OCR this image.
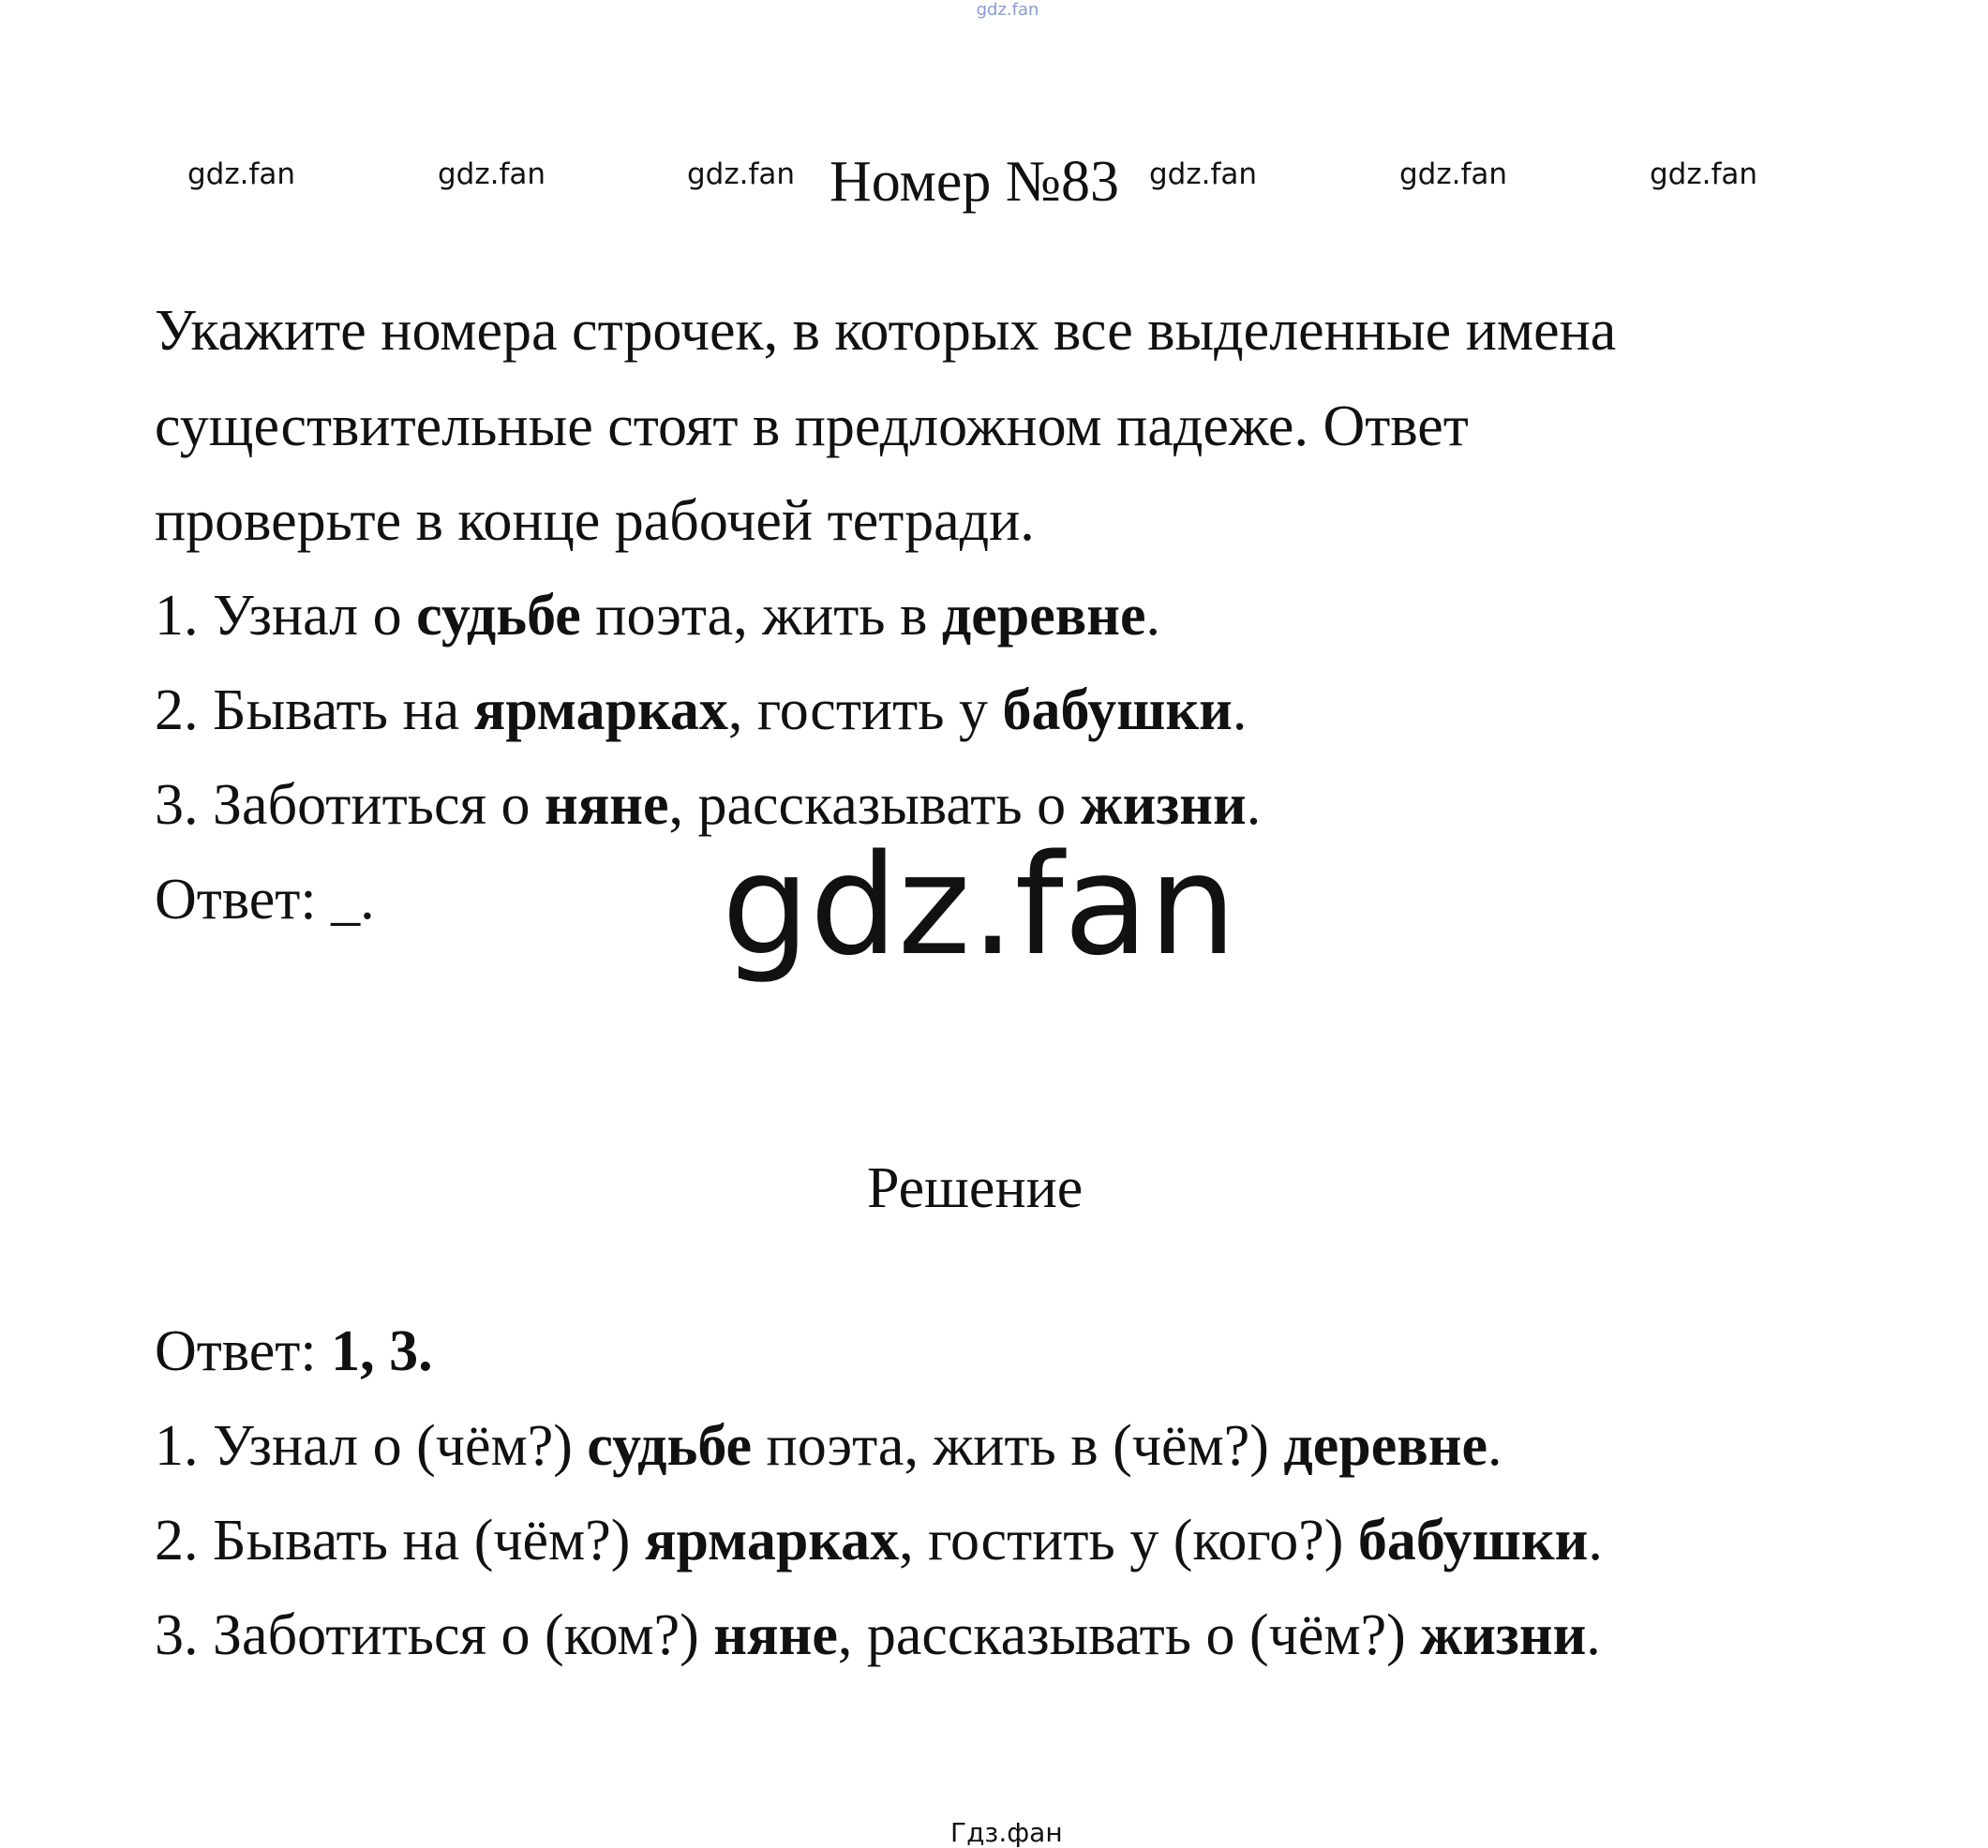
gdz.fan
gdz.fan	gdz.fan	gdz.fan	gdz.fan	gdz.fan	gdz.fan
Номер №83
Укажите номера строчек, в которых все выделенные имена
существительные стоят в предложном падеже. Ответ
проверьте в конце рабочей тетради.
1. Узнал о судьбе поэта, жить в деревне.
2. Бывать на ярмарках, гостить у бабушки.
3. Заботиться о няне, рассказывать о жизни.
Ответ: _.	gdz.fan
Решение
Ответ: 1, 3.
1. Узнал о (чём?) судьбе поэта, жить в (чём?) деревне.
2. Бывать на (чём?) ярмарках, гостить у (кого?) бабушки.
3. Заботиться о (ком?) няне, рассказывать о (чём?) жизни.
Гдз.фан
